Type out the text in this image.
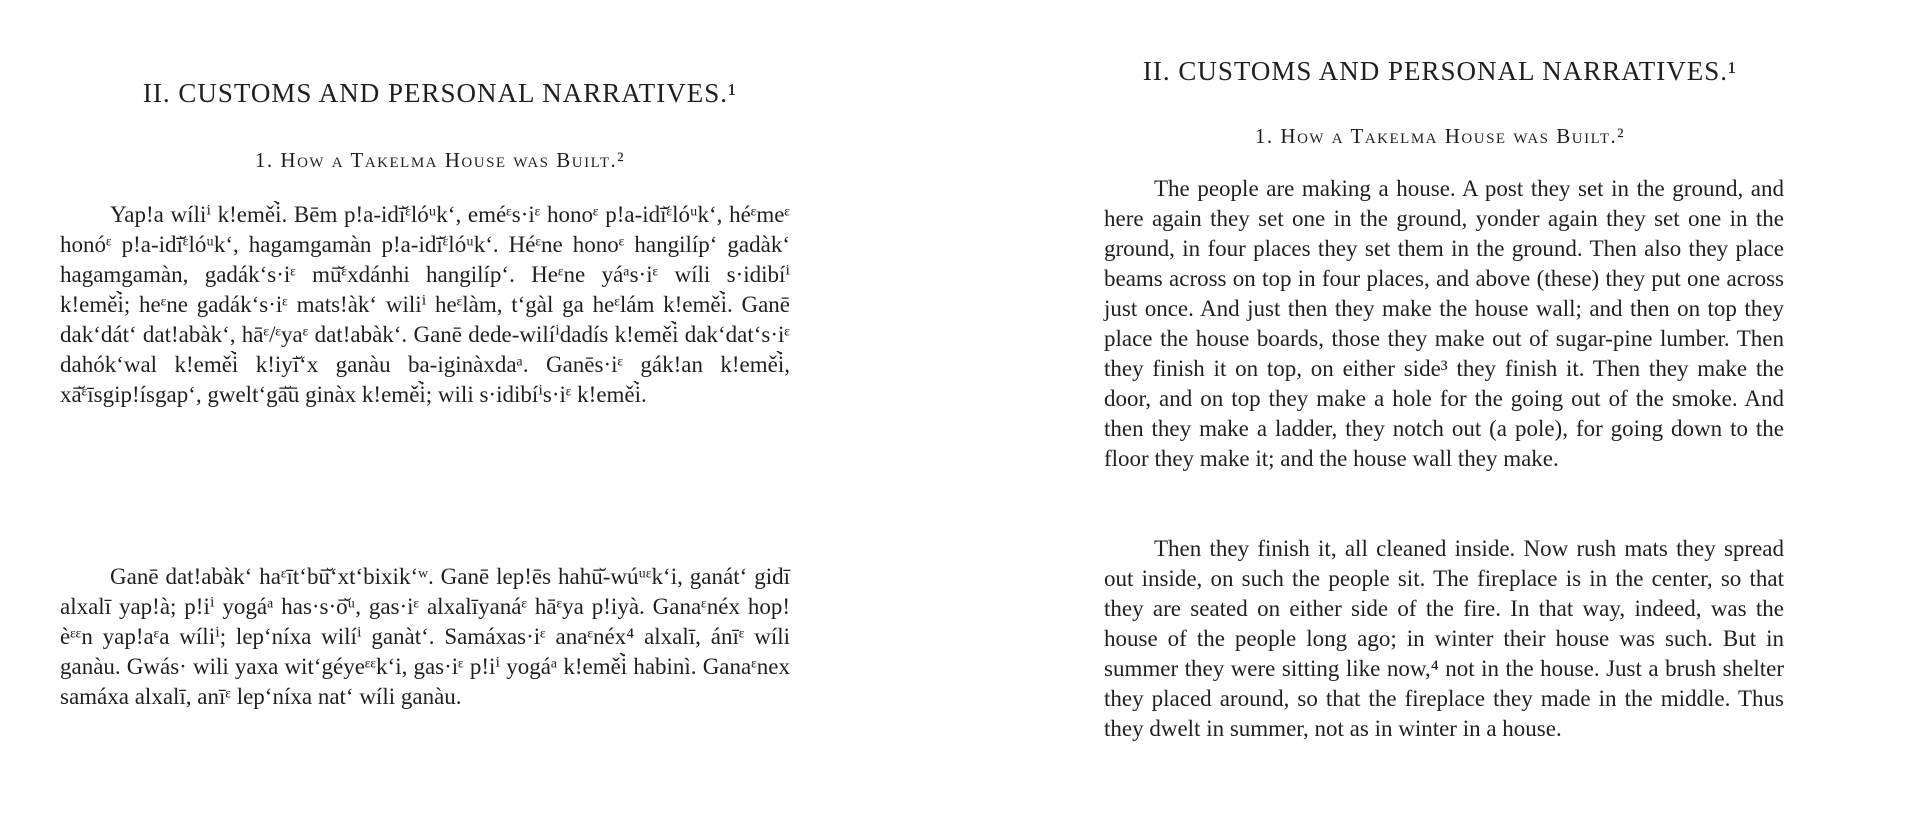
II. CUSTOMS AND PERSONAL NARRATIVES.¹
1. How a Takelma House was Built.²

Yap!a wíliⁱ k!eměi̇̀. Bēm p!a-idī̆ᵋlóᵘk‘, eméᵋs·iᵋ honoᵋ p!a-idī̆ᵋlóᵘk‘, héᵋmeᵋ honóᵋ p!a-idī̆ᵋlóᵘk‘, hagamgamàn p!a-idī̆ᵋlóᵘk‘. Héᵋne honoᵋ hangilíp‘ gadàk‘ hagamgamàn, gadák‘s·iᵋ mū̆ᵋxdánhi hangilíp‘. Heᵋne yáᵃs·iᵋ wíli s·idibíⁱ k!eměi̇̀; heᵋne gadák‘s·iᵋ mats!àk‘ wiliⁱ heᵋlàm, t‘gàl ga heᵋlám k!eměi̇̀. Ganē dak‘dát‘ dat!abàk‘, hāᵋ/ᵋyaᵋ dat!abàk‘. Ganē dede-wilíⁱdadís k!eměi̇̀ dak‘dat‘s·iᵋ dahók‘wal k!eměi̇̀ k!iyī̆‘x ganàu ba-iginàxdaᵃ. Ganēs·iᵋ gák!an k!eměi̇̀, xā̆ᵋīsgip!ísgap‘, gwelt‘gā̆ū ginàx k!eměi̇̀; wili s·idibíⁱs·iᵋ k!eměi̇̀.

Ganē dat!abàk‘ haᵋīt‘bū̆‘xt‘bixik‘ʷ. Ganē lep!ēs hahū̆-wúᵘᵋk‘i, ganát‘ gidī alxalī yap!à; p!iⁱ yogáᵃ has·s·ō̆ᵘ, gas·iᵋ alxalīyanáᵋ hāᵋya p!iyà. Ganaᵋnéx hop!èᵋᵋn yap!aᵋa wíliⁱ; lep‘níxa wilíⁱ ganàt‘. Samáxas·iᵋ anaᵋnéx⁴ alxalī, ánīᵋ wíli ganàu. Gwás· wili yaxa wit‘géyeᵋᵋk‘i, gas·iᵋ p!iⁱ yogáᵃ k!eměi̇̀ habinì. Ganaᵋnex samáxa alxalī, anīᵋ lep‘níxa nat‘ wíli ganàu.

II. CUSTOMS AND PERSONAL NARRATIVES.¹
1. How a Takelma House was Built.²

The people are making a house. A post they set in the ground, and here again they set one in the ground, yonder again they set one in the ground, in four places they set them in the ground. Then also they place beams across on top in four places, and above (these) they put one across just once. And just then they make the house wall; and then on top they place the house boards, those they make out of sugar-pine lumber. Then they finish it on top, on either side³ they finish it. Then they make the door, and on top they make a hole for the going out of the smoke. And then they make a ladder, they notch out (a pole), for going down to the floor they make it; and the house wall they make.

Then they finish it, all cleaned inside. Now rush mats they spread out inside, on such the people sit. The fireplace is in the center, so that they are seated on either side of the fire. In that way, indeed, was the house of the people long ago; in winter their house was such. But in summer they were sitting like now,⁴ not in the house. Just a brush shelter they placed around, so that the fireplace they made in the middle. Thus they dwelt in summer, not as in winter in a house.
